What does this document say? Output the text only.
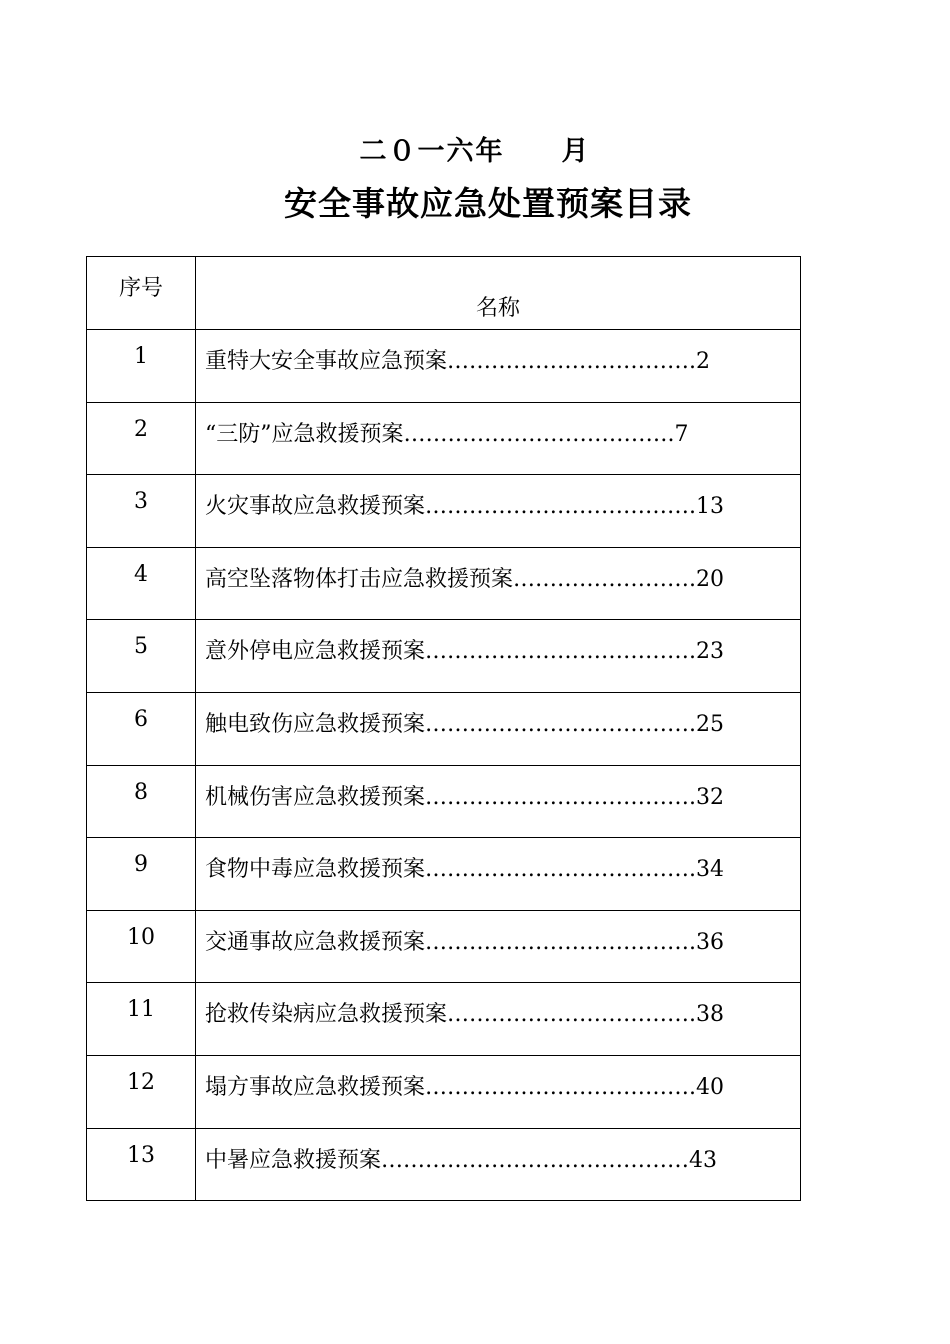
二０一六年     月
安全事故应急处置预案目录
序号	名称

1	重特大安全事故应急预案…………………………….2

2	“三防”应急救援预案……………………………….7

3	火灾事故应急救援预案……………………………….13

4	高空坠落物体打击应急救援预案…………………….20

5	意外停电应急救援预案……………………………….23

6	触电致伤应急救援预案……………………………….25

8	机械伤害应急救援预案……………………………….32

9	食物中毒应急救援预案……………………………….34

10	交通事故应急救援预案……………………………….36

11	抢救传染病应急救援预案…………………………….38

12	塌方事故应急救援预案……………………………….40

13	中暑应急救援预案……………………………………43
